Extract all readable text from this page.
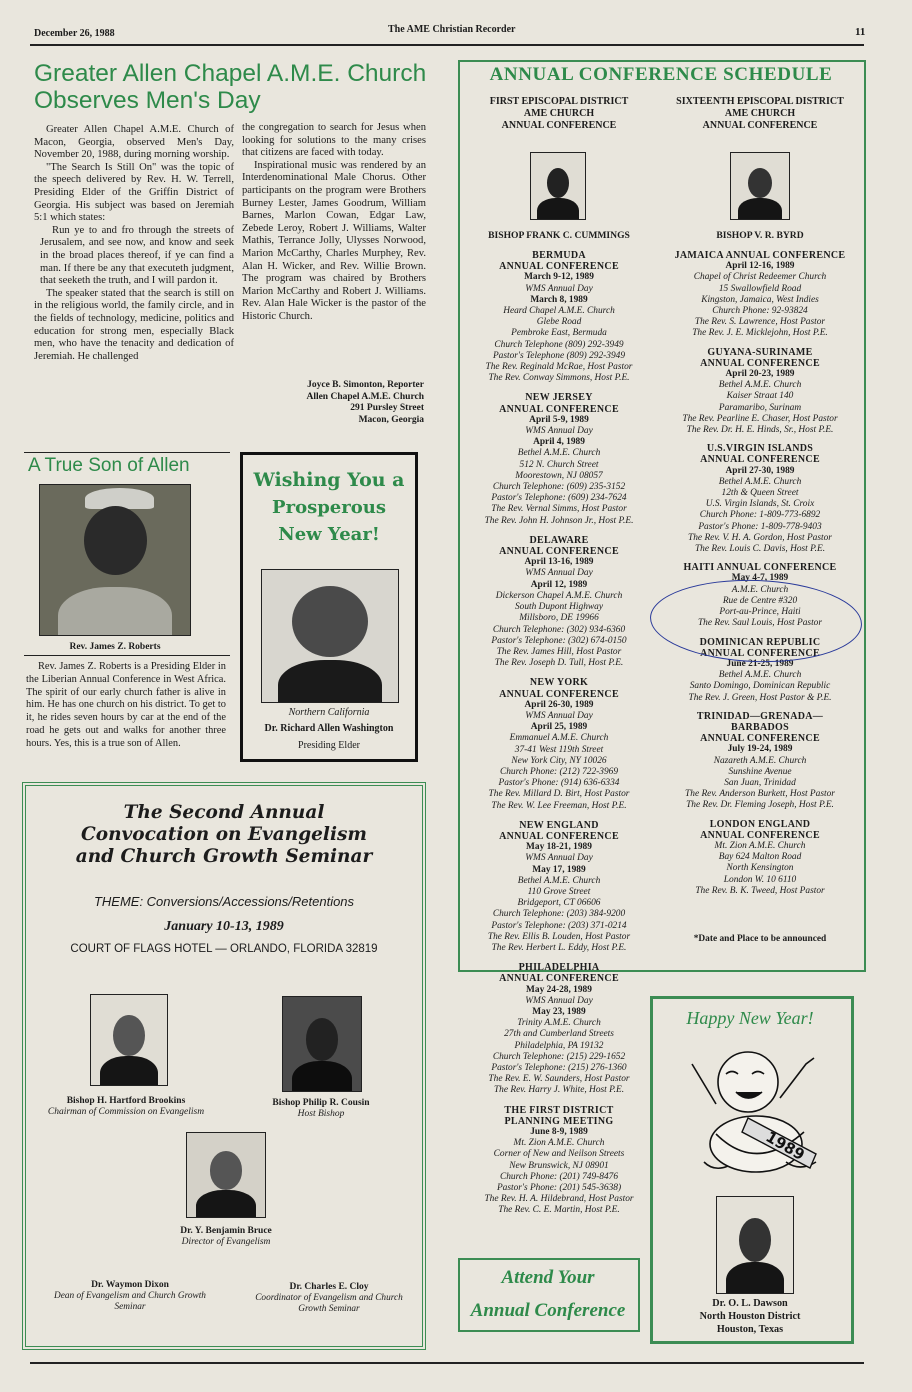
December 26, 1988	The AME Christian Recorder	11
Greater Allen Chapel A.M.E. Church Observes Men's Day

Greater Allen Chapel A.M.E. Church of Macon, Georgia, observed Men's Day, November 20, 1988, during morning worship.

"The Search Is Still On" was the topic of the speech delivered by Rev. H. W. Terrell, Presiding Elder of the Griffin District of Georgia. His subject was based on Jeremiah 5:1 which states:

Run ye to and fro through the streets of Jerusalem, and see now, and know and seek in the broad places thereof, if ye can find a man. If there be any that executeth judgment, that seeketh the truth, and I will pardon it.

The speaker stated that the search is still on in the religious world, the family circle, and in the fields of technology, medicine, politics and education for strong men, especially Black men, who have the tenacity and dedication of Jeremiah. He challenged

the congregation to search for Jesus when looking for solutions to the many crises that citizens are faced with today.

Inspirational music was rendered by an Interdenominational Male Chorus. Other participants on the program were Brothers Burney Lester, James Goodrum, William Barnes, Marlon Cowan, Edgar Law, Zebede Leroy, Robert J. Williams, Walter Mathis, Terrance Jolly, Ulysses Norwood, Marion McCarthy, Charles Murphey, Rev. Alan H. Wicker, and Rev. Willie Brown. The program was chaired by Brothers Marion McCarthy and Robert J. Williams. Rev. Alan Hale Wicker is the pastor of the Historic Church.

Joyce B. Simonton, Reporter
Allen Chapel A.M.E. Church
291 Pursley Street
Macon, Georgia
A True Son of Allen
Rev. James Z. Roberts
Rev. James Z. Roberts is a Presiding Elder in the Liberian Annual Conference in West Africa. The spirit of our early church father is alive in him. He has one church on his district. To get to it, he rides seven hours by car at the end of the road he gets out and walks for another three hours. Yes, this is a true son of Allen.
Wishing You a
Prosperous
New Year!
Northern California
Dr. Richard Allen Washington
Presiding Elder
The Second Annual
Convocation on Evangelism
and Church Growth Seminar
THEME: Conversions/Accessions/Retentions
January 10-13, 1989
COURT OF FLAGS HOTEL — ORLANDO, FLORIDA 32819
Bishop H. Hartford Brookins
Chairman of Commission on Evangelism
Bishop Philip R. Cousin
Host Bishop
Dr. Y. Benjamin Bruce
Director of Evangelism
Dr. Waymon Dixon
Dean of Evangelism and Church Growth Seminar
Dr. Charles E. Cloy
Coordinator of Evangelism and Church Growth Seminar
ANNUAL CONFERENCE SCHEDULE
FIRST EPISCOPAL DISTRICT
AME CHURCH
ANNUAL CONFERENCE
BISHOP FRANK C. CUMMINGS
BERMUDA
ANNUAL CONFERENCE
March 9-12, 1989
WMS Annual Day
March 8, 1989
Heard Chapel A.M.E. Church
Glebe Road
Pembroke East, Bermuda
Church Telephone (809) 292-3949
Pastor's Telephone (809) 292-3949
The Rev. Reginald McRae, Host Pastor
The Rev. Conway Simmons, Host P.E.
NEW JERSEY
ANNUAL CONFERENCE
April 5-9, 1989
WMS Annual Day
April 4, 1989
Bethel A.M.E. Church
512 N. Church Street
Moorestown, NJ 08057
Church Telephone: (609) 235-3152
Pastor's Telephone: (609) 234-7624
The Rev. Vernal Simms, Host Pastor
The Rev. John H. Johnson Jr., Host P.E.
DELAWARE
ANNUAL CONFERENCE
April 13-16, 1989
WMS Annual Day
April 12, 1989
Dickerson Chapel A.M.E. Church
South Dupont Highway
Millsboro, DE 19966
Church Telephone: (302) 934-6360
Pastor's Telephone: (302) 674-0150
The Rev. James Hill, Host Pastor
The Rev. Joseph D. Tull, Host P.E.
NEW YORK
ANNUAL CONFERENCE
April 26-30, 1989
WMS Annual Day
April 25, 1989
Emmanuel A.M.E. Church
37-41 West 119th Street
New York City, NY 10026
Church Phone: (212) 722-3969
Pastor's Phone: (914) 636-6334
The Rev. Millard D. Birt, Host Pastor
The Rev. W. Lee Freeman, Host P.E.
NEW ENGLAND
ANNUAL CONFERENCE
May 18-21, 1989
WMS Annual Day
May 17, 1989
Bethel A.M.E. Church
110 Grove Street
Bridgeport, CT 06606
Church Telephone: (203) 384-9200
Pastor's Telephone: (203) 371-0214
The Rev. Ellis B. Louden, Host Pastor
The Rev. Herbert L. Eddy, Host P.E.
PHILADELPHIA
ANNUAL CONFERENCE
May 24-28, 1989
WMS Annual Day
May 23, 1989
Trinity A.M.E. Church
27th and Cumberland Streets
Philadelphia, PA 19132
Church Telephone: (215) 229-1652
Pastor's Telephone: (215) 276-1360
The Rev. E. W. Saunders, Host Pastor
The Rev. Harry J. White, Host P.E.
THE FIRST DISTRICT
PLANNING MEETING
June 8-9, 1989
Mt. Zion A.M.E. Church
Corner of New and Neilson Streets
New Brunswick, NJ 08901
Church Phone: (201) 749-8476
Pastor's Phone: (201) 545-3638)
The Rev. H. A. Hildebrand, Host Pastor
The Rev. C. E. Martin, Host P.E.
SIXTEENTH EPISCOPAL DISTRICT
AME CHURCH
ANNUAL CONFERENCE
BISHOP V. R. BYRD
JAMAICA ANNUAL CONFERENCE
April 12-16, 1989
Chapel of Christ Redeemer Church
15 Swallowfield Road
Kingston, Jamaica, West Indies
Church Phone: 92-93824
The Rev. S. Lawrence, Host Pastor
The Rev. J. E. Micklejohn, Host P.E.
GUYANA-SURINAME
ANNUAL CONFERENCE
April 20-23, 1989
Bethel A.M.E. Church
Kaiser Straat 140
Paramaribo, Surinam
The Rev. Pearline E. Chaser, Host Pastor
The Rev. Dr. H. E. Hinds, Sr., Host P.E.
U.S.VIRGIN ISLANDS
ANNUAL CONFERENCE
April 27-30, 1989
Bethel A.M.E. Church
12th & Queen Street
U.S. Virgin Islands, St. Croix
Church Phone: 1-809-773-6892
Pastor's Phone: 1-809-778-9403
The Rev. V. H. A. Gordon, Host Pastor
The Rev. Louis C. Davis, Host P.E.
HAITI ANNUAL CONFERENCE
May 4-7, 1989
A.M.E. Church
Rue de Centre #320
Port-au-Prince, Haiti
The Rev. Saul Louis, Host Pastor
DOMINICAN REPUBLIC
ANNUAL CONFERENCE
June 21-25, 1989
Bethel A.M.E. Church
Santo Domingo, Dominican Republic
The Rev. J. Green, Host Pastor & P.E.
TRINIDAD—GRENADA—
BARBADOS
ANNUAL CONFERENCE
July 19-24, 1989
Nazareth A.M.E. Church
Sunshine Avenue
San Juan, Trinidad
The Rev. Anderson Burkett, Host Pastor
The Rev. Dr. Fleming Joseph, Host P.E.
LONDON ENGLAND
ANNUAL CONFERENCE
Mt. Zion A.M.E. Church
Bay 624 Malton Road
North Kensington
London W. 10 6110
The Rev. B. K. Tweed, Host Pastor
*Date and Place to be announced
Attend Your
Annual Conference
Happy New Year!
1989
Dr. O. L. Dawson
North Houston District
Houston, Texas
